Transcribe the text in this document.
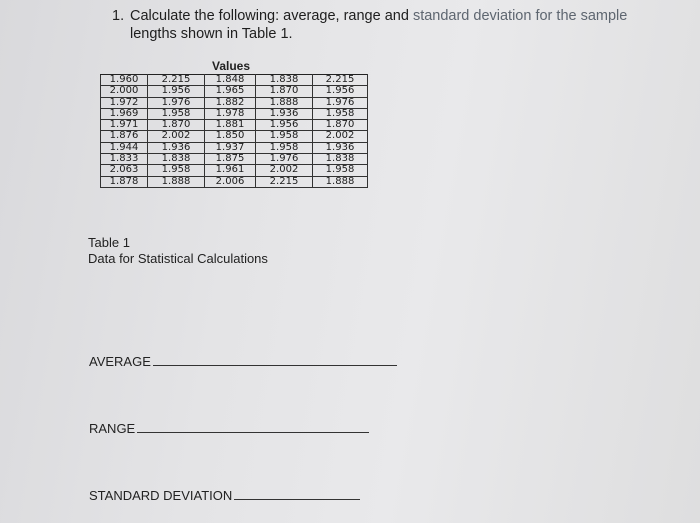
1. Calculate the following: average, range and standard deviation for the sample
lengths shown in Table 1.
Values
1.960	2.215	1.848	1.838	2.215
2.000	1.956	1.965	1.870	1.956
1.972	1.976	1.882	1.888	1.976
1.969	1.958	1.978	1.936	1.958
1.971	1.870	1.881	1.956	1.870
1.876	2.002	1.850	1.958	2.002
1.944	1.936	1.937	1.958	1.936
1.833	1.838	1.875	1.976	1.838
2.063	1.958	1.961	2.002	1.958
1.878	1.888	2.006	2.215	1.888
Table 1
Data for Statistical Calculations
AVERAGE
RANGE
STANDARD DEVIATION
